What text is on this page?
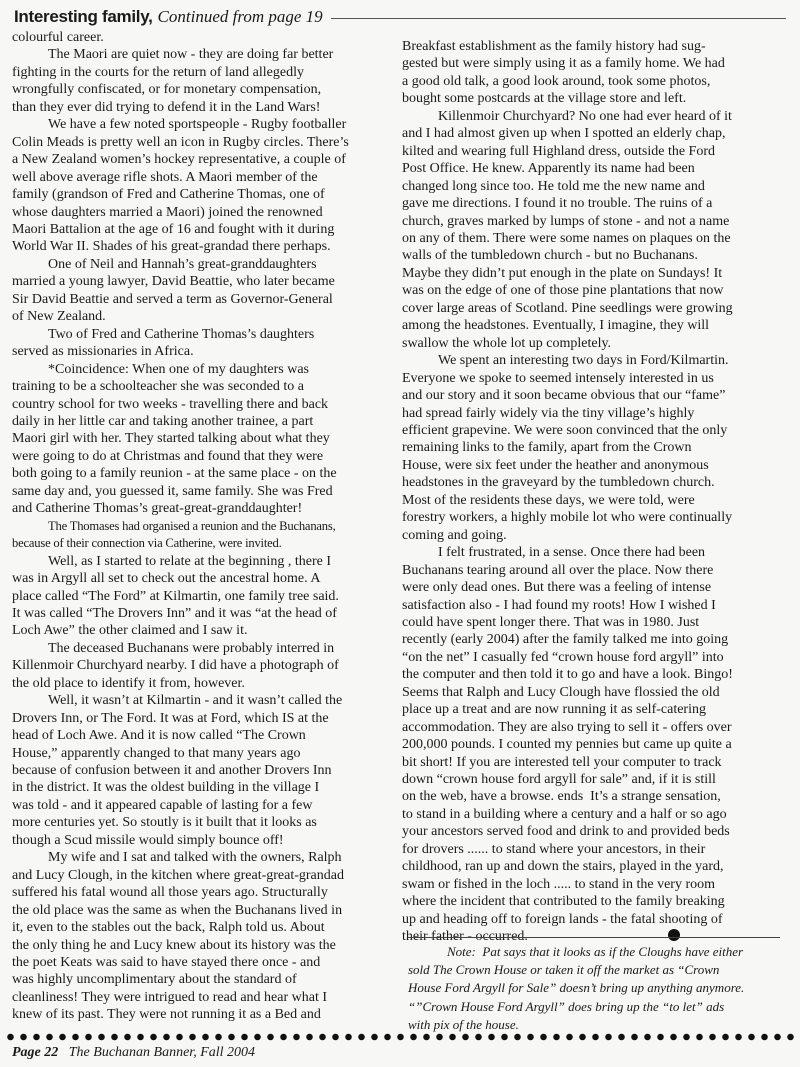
Interesting family, Continued from page 19

colourful career.

The Maori are quiet now - they are doing far better
fighting in the courts for the return of land allegedly
wrongfully confiscated, or for monetary compensation,
than they ever did trying to defend it in the Land Wars!

We have a few noted sportspeople - Rugby footballer
Colin Meads is pretty well an icon in Rugby circles. There’s
a New Zealand women’s hockey representative, a couple of
well above average rifle shots. A Maori member of the
family (grandson of Fred and Catherine Thomas, one of
whose daughters married a Maori) joined the renowned
Maori Battalion at the age of 16 and fought with it during
World War II. Shades of his great-grandad there perhaps.

One of Neil and Hannah’s great-granddaughters
married a young lawyer, David Beattie, who later became
Sir David Beattie and served a term as Governor-General
of New Zealand.

Two of Fred and Catherine Thomas’s daughters
served as missionaries in Africa.

*Coincidence: When one of my daughters was
training to be a schoolteacher she was seconded to a
country school for two weeks - travelling there and back
daily in her little car and taking another trainee, a part
Maori girl with her. They started talking about what they
were going to do at Christmas and found that they were
both going to a family reunion - at the same place - on the
same day and, you guessed it, same family. She was Fred
and Catherine Thomas’s great-great-granddaughter!

The Thomases had organised a reunion and the Buchanans,
because of their connection via Catherine, were invited.

Well, as I started to relate at the beginning , there I
was in Argyll all set to check out the ancestral home. A
place called “The Ford” at Kilmartin, one family tree said.
It was called “The Drovers Inn” and it was “at the head of
Loch Awe” the other claimed and I saw it.

The deceased Buchanans were probably interred in
Killenmoir Churchyard nearby. I did have a photograph of
the old place to identify it from, however.

Well, it wasn’t at Kilmartin - and it wasn’t called the
Drovers Inn, or The Ford. It was at Ford, which IS at the
head of Loch Awe. And it is now called “The Crown
House,” apparently changed to that many years ago
because of confusion between it and another Drovers Inn
in the district. It was the oldest building in the village I
was told - and it appeared capable of lasting for a few
more centuries yet. So stoutly is it built that it looks as
though a Scud missile would simply bounce off!

My wife and I sat and talked with the owners, Ralph
and Lucy Clough, in the kitchen where great-great-grandad
suffered his fatal wound all those years ago. Structurally
the old place was the same as when the Buchanans lived in
it, even to the stables out the back, Ralph told us. About
the only thing he and Lucy knew about its history was the
the poet Keats was said to have stayed there once - and
was highly uncomplimentary about the standard of
cleanliness! They were intrigued to read and hear what I
knew of its past. They were not running it as a Bed and

Breakfast establishment as the family history had sug-
gested but were simply using it as a family home. We had
a good old talk, a good look around, took some photos,
bought some postcards at the village store and left.

Killenmoir Churchyard? No one had ever heard of it
and I had almost given up when I spotted an elderly chap,
kilted and wearing full Highland dress, outside the Ford
Post Office. He knew. Apparently its name had been
changed long since too. He told me the new name and
gave me directions. I found it no trouble. The ruins of a
church, graves marked by lumps of stone - and not a name
on any of them. There were some names on plaques on the
walls of the tumbledown church - but no Buchanans.
Maybe they didn’t put enough in the plate on Sundays! It
was on the edge of one of those pine plantations that now
cover large areas of Scotland. Pine seedlings were growing
among the headstones. Eventually, I imagine, they will
swallow the whole lot up completely.

We spent an interesting two days in Ford/Kilmartin.
Everyone we spoke to seemed intensely interested in us
and our story and it soon became obvious that our “fame”
had spread fairly widely via the tiny village’s highly
efficient grapevine. We were soon convinced that the only
remaining links to the family, apart from the Crown
House, were six feet under the heather and anonymous
headstones in the graveyard by the tumbledown church.
Most of the residents these days, we were told, were
forestry workers, a highly mobile lot who were continually
coming and going.

I felt frustrated, in a sense. Once there had been
Buchanans tearing around all over the place. Now there
were only dead ones. But there was a feeling of intense
satisfaction also - I had found my roots! How I wished I
could have spent longer there. That was in 1980. Just
recently (early 2004) after the family talked me into going
“on the net” I casually fed “crown house ford argyll” into
the computer and then told it to go and have a look. Bingo!
Seems that Ralph and Lucy Clough have flossied the old
place up a treat and are now running it as self-catering
accommodation. They are also trying to sell it - offers over
200,000 pounds. I counted my pennies but came up quite a
bit short! If you are interested tell your computer to track
down “crown house ford argyll for sale” and, if it is still
on the web, have a browse. ends  It’s a strange sensation,
to stand in a building where a century and a half or so ago
your ancestors served food and drink to and provided beds
for drovers ...... to stand where your ancestors, in their
childhood, ran up and down the stairs, played in the yard,
swam or fished in the loch ..... to stand in the very room
where the incident that contributed to the family breaking
up and heading off to foreign lands - the fatal shooting of
their father - occurred.

Note:  Pat says that it looks as if the Cloughs have either
sold The Crown House or taken it off the market as “Crown
House Ford Argyll for Sale” doesn’t bring up anything anymore.
“”Crown House Ford Argyll” does bring up the “to let” ads
with pix of the house.
Page 22 The Buchanan Banner, Fall 2004
